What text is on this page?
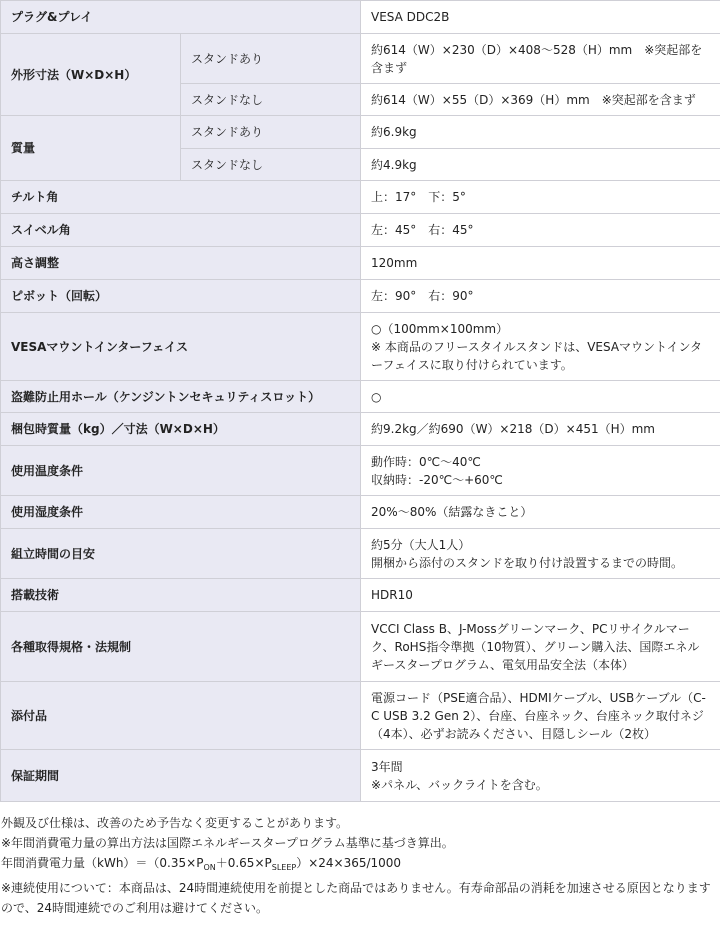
プラグ&プレイ		VESA DDC2B
外形寸法（W×D×H）	スタンドあり	約614（W）×230（D）×408～528（H）mm　※突起部を含まず
	スタンドなし	約614（W）×55（D）×369（H）mm　※突起部を含まず
質量	スタンドあり	約6.9kg
	スタンドなし	約4.9kg
チルト角		上：17°　下：5°
スイベル角		左：45°　右：45°
高さ調整		120mm
ピボット（回転）		左：90°　右：90°
VESAマウントインターフェイス		○（100mm×100mm）
※ 本商品のフリースタイルスタンドは、VESAマウントインターフェイスに取り付けられています。

盗難防止用ホール（ケンジントンセキュリティスロット）		○
梱包時質量（kg）／寸法（W×D×H）		約9.2kg／約690（W）×218（D）×451（H）mm
使用温度条件		動作時：0℃～40℃
収納時：-20℃～+60℃

使用湿度条件		20%～80%（結露なきこと）
組立時間の目安		約5分（大人1人）
開梱から添付のスタンドを取り付け設置するまでの時間。

搭載技術		HDR10
各種取得規格・法規制		VCCI Class B、J-Mossグリーンマーク、PCリサイクルマーク、RoHS指令準拠（10物質）、グリーン購入法、国際エネルギースタープログラム、電気用品安全法（本体）
添付品		電源コード（PSE適合品）、HDMIケーブル、USBケーブル（C-C USB 3.2 Gen 2）、台座、台座ネック、台座ネック取付ネジ（4本）、必ずお読みください、目隠しシール（2枚）
保証期間		3年間
※パネル、バックライトを含む。

外観及び仕様は、改善のため予告なく変更することがあります。

※年間消費電力量の算出方法は国際エネルギースタープログラム基準に基づき算出。

年間消費電力量$(kWh)=(0.35\times P_{ON}+0.65\times P_{SLEEP})\times 24\times 365/1000$

※連続使用について：本商品は、24時間連続使用を前提とした商品ではありません。有寿命部品の消耗を加速させる原因となりますので、24時間連続でのご利用は避けてください。
